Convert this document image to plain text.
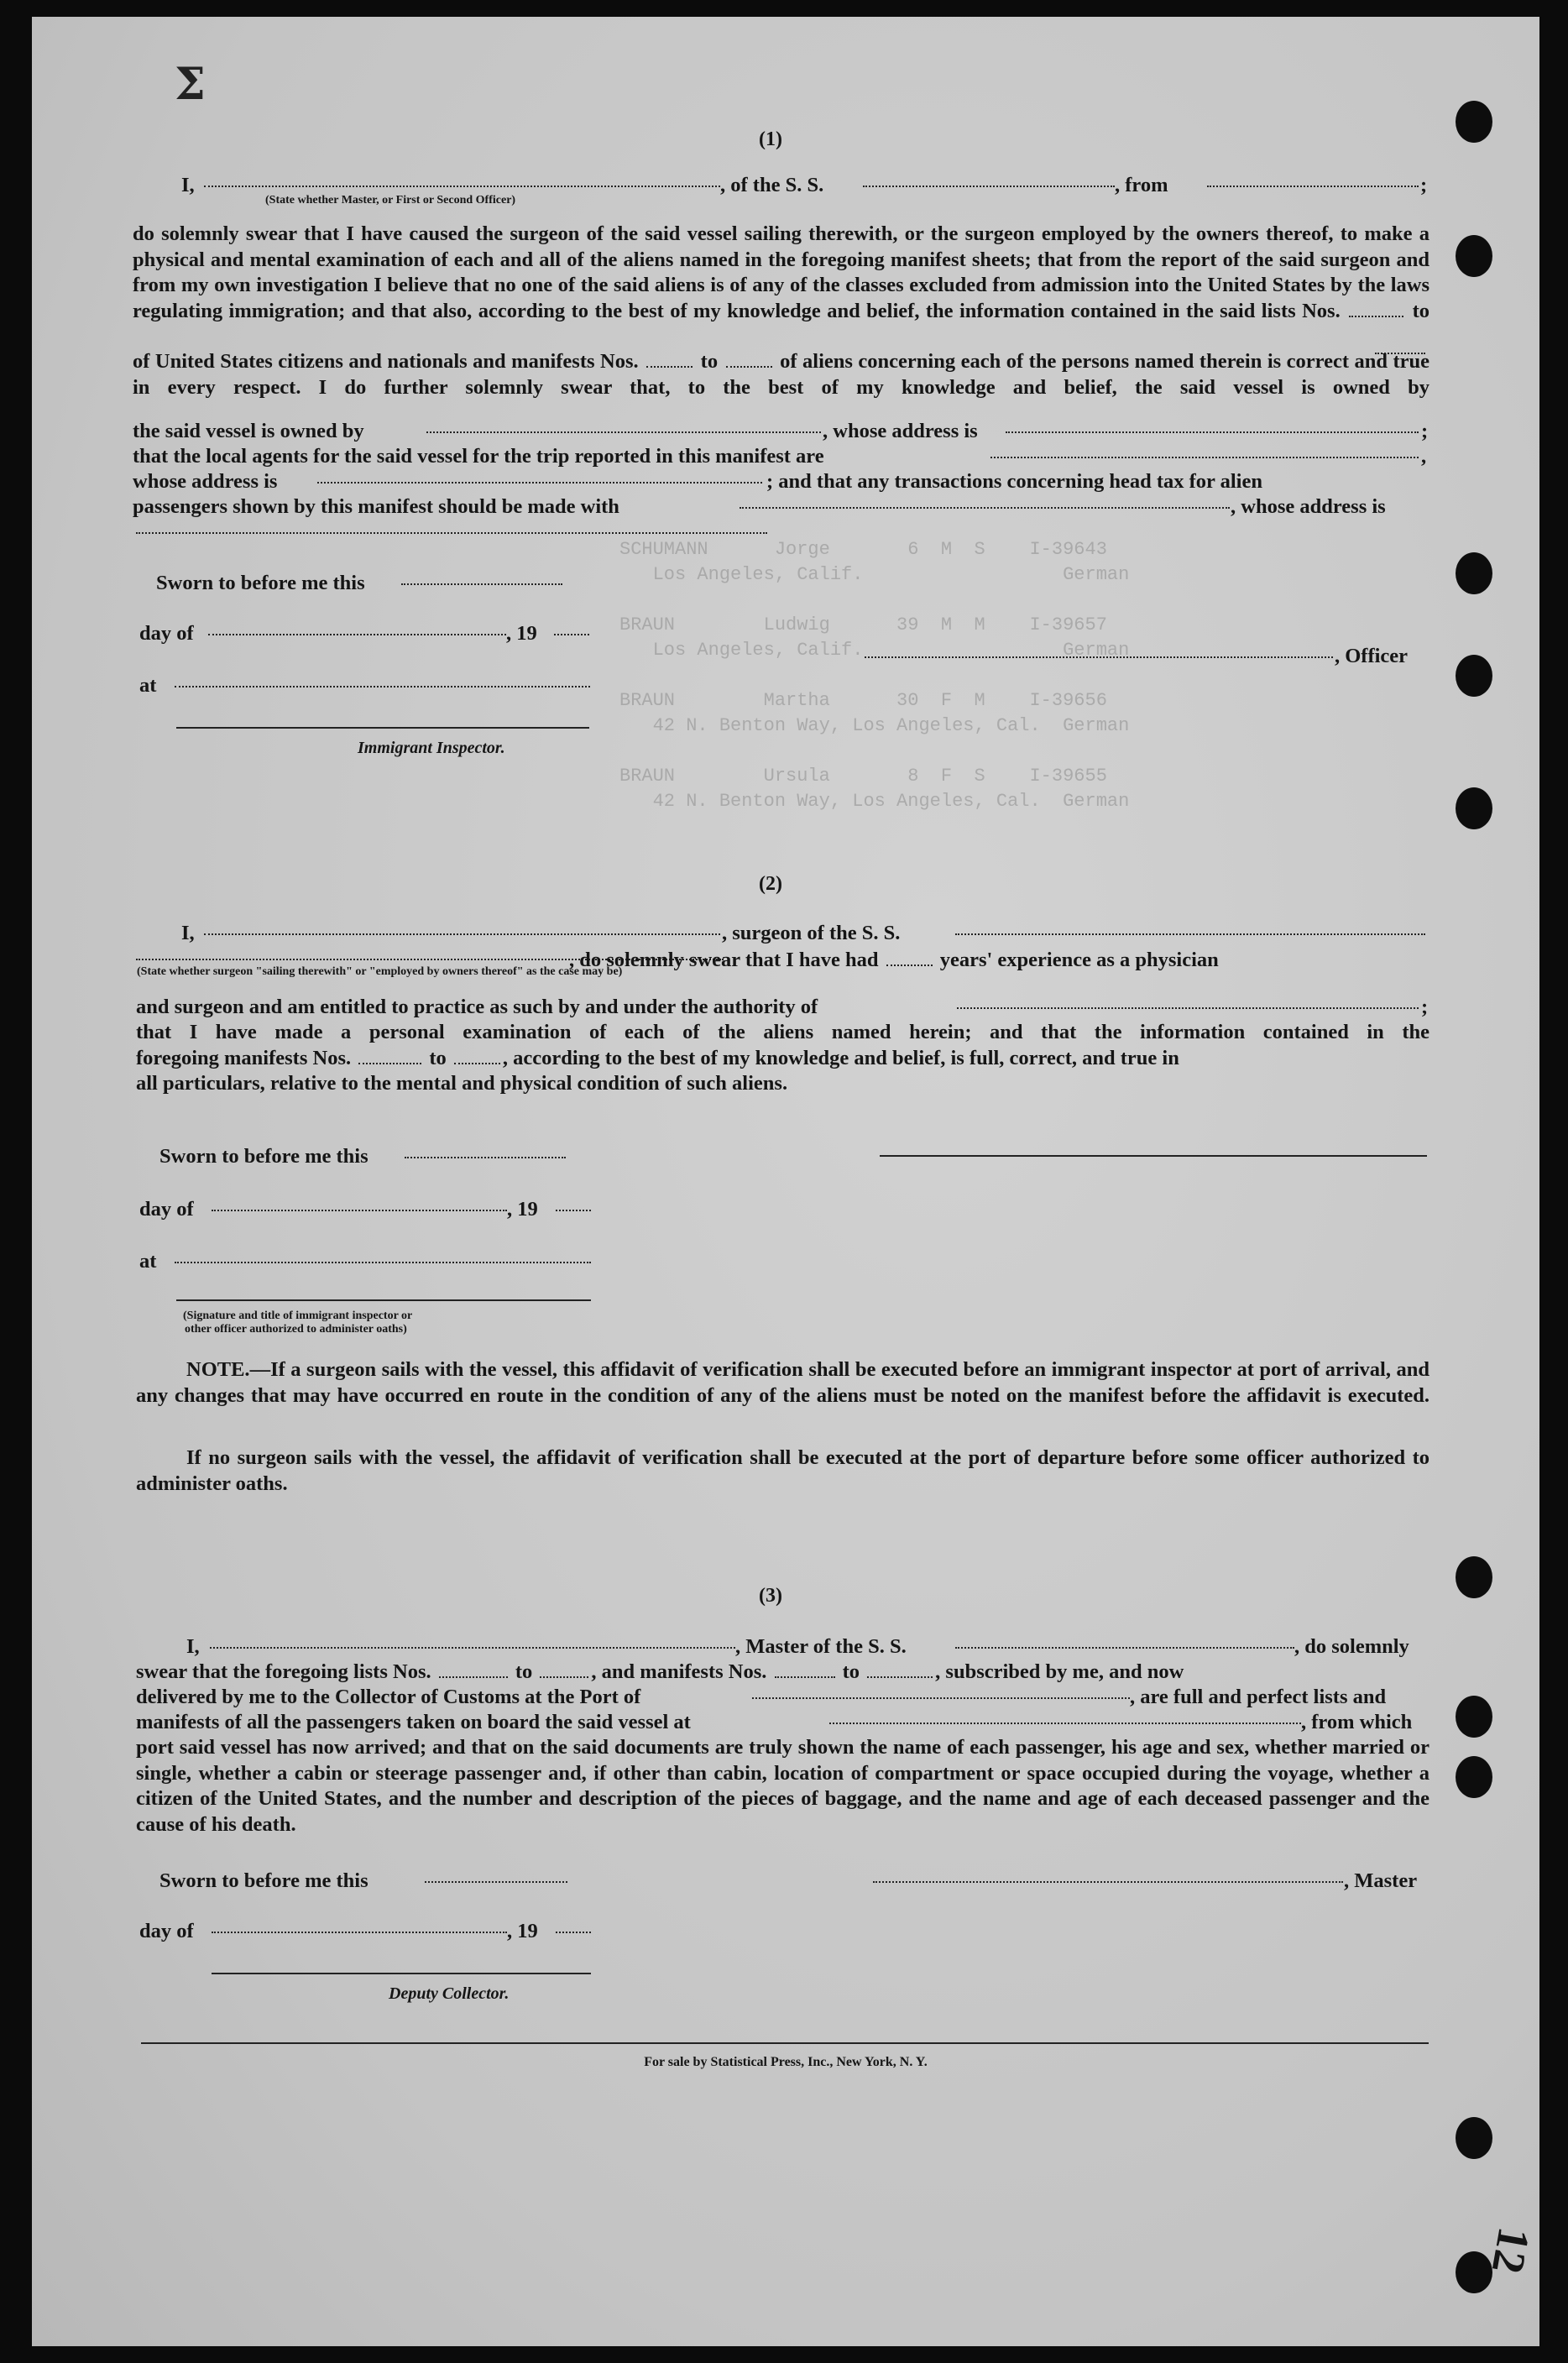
Σ
12
SCHUMANN      Jorge       6  M  S    I-39643
Los Angeles, Calif.                  German

BRAUN        Ludwig      39  M  M    I-39657
Los Angeles, Calif.                  German

BRAUN        Martha      30  F  M    I-39656
42 N. Benton Way, Los Angeles, Cal.  German

BRAUN        Ursula       8  F  S    I-39655
42 N. Benton Way, Los Angeles, Cal.  German
(1)
I,
(State whether Master, or First or Second Officer)
, of the S. S.	, from	;
do solemnly swear that I have caused the surgeon of the said vessel sailing therewith, or the surgeon employed by the owners thereof, to make a physical and mental examination of each and all of the aliens named in the foregoing manifest sheets; that from the report of the said surgeon and from my own investigation I believe that no one of the said aliens is of any of the classes excluded from admission into the United States by the laws regulating immigration; and that also, according to the best of my knowledge and belief, the information contained in the said lists Nos.	to
of United States citizens and nationals and manifests Nos.	to	of aliens concerning each of the persons named therein is correct and true in every respect. I do further solemnly swear that, to the best of my knowledge and belief, the said vessel is owned by
the said vessel is owned by	, whose address is	;
that the local agents for the said vessel for the trip reported in this manifest are	,
whose address is	; and that any transactions concerning head tax for alien
passengers shown by this manifest should be made with	, whose address is
Sworn to before me this
day of	, 19
at
Immigrant Inspector.
, Officer
(2)
I,	, surgeon of the S. S.
(State whether surgeon "sailing therewith" or "employed by owners thereof" as the case may be)
, do solemnly swear that I have had	years' experience as a physician
and surgeon and am entitled to practice as such by and under the authority of	;
that I have made a personal examination of each of the aliens named herein; and that the information contained in the
foregoing manifests Nos.	to	, according to the best of my knowledge and belief, is full, correct, and true in
all particulars, relative to the mental and physical condition of such aliens.
Sworn to before me this
day of	, 19
at
(Signature and title of immigrant inspector or
other officer authorized to administer oaths)
NOTE.—If a surgeon sails with the vessel, this affidavit of verification shall be executed before an immigrant inspector at port of arrival, and any changes that may have occurred en route in the condition of any of the aliens must be noted on the manifest before the affidavit is executed.
If no surgeon sails with the vessel, the affidavit of verification shall be executed at the port of departure before some officer authorized to administer oaths.
(3)
I,	, Master of the S. S.	, do solemnly
swear that the foregoing lists Nos.	to	, and manifests Nos.	to	, subscribed by me, and now
delivered by me to the Collector of Customs at the Port of	, are full and perfect lists and
manifests of all the passengers taken on board the said vessel at	, from which
port said vessel has now arrived; and that on the said documents are truly shown the name of each passenger, his age and sex, whether married or single, whether a cabin or steerage passenger and, if other than cabin, location of compartment or space occupied during the voyage, whether a citizen of the United States, and the number and description of the pieces of baggage, and the name and age of each deceased passenger and the cause of his death.
Sworn to before me this	, Master
day of	, 19
Deputy Collector.
For sale by Statistical Press, Inc., New York, N. Y.
